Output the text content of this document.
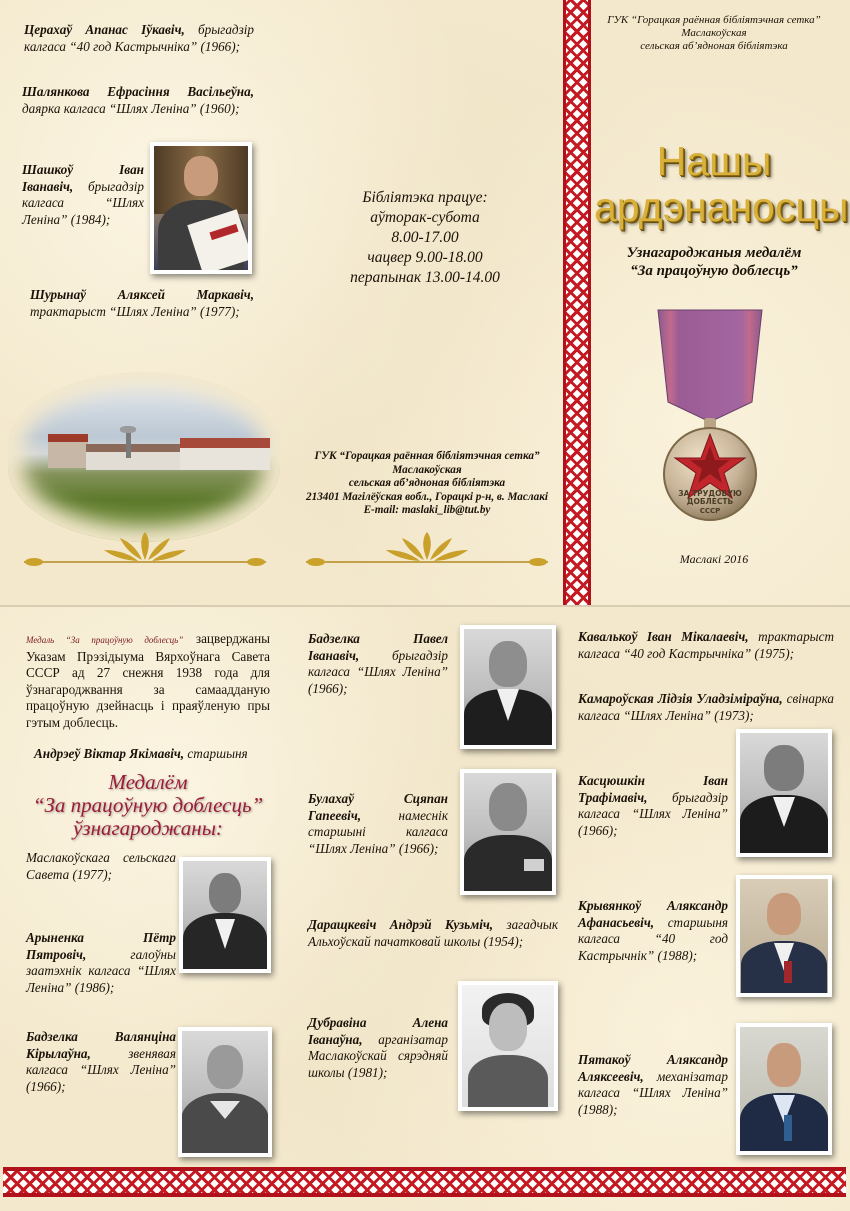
Церахаў Апанас Іўкавіч, брыгадзір калгаса “40 год Кастрычніка” (1966);
Шалянкова Ефрасіння Васільеўна, даярка калгаса “Шлях Леніна” (1960);
Шашкоў Іван Іванавіч, брыгадзір калгаса “Шлях Леніна” (1984);
Шурынаў Аляксей Маркавіч, трактарыст “Шлях Леніна” (1977);
Бібліятэка працуе:
аўторак-субота
8.00-17.00
чацвер 9.00-18.00
перапынак 13.00-14.00
ГУК “Горацкая раённая бібліятэчная сетка”
Маслакоўская
сельская аб’ядноная бібліятэка
213401 Магілёўская вобл., Горацкі р-н, в. Маслакі
E-mail: maslaki_lib@tut.by
ГУК “Горацкая раённая бібліятэчная сетка”
Маслакоўская
сельская аб’ядноная бібліятэка
Нашы
ардэнаносцы
Узнагароджаныя медалём
“За працоўную доблесць”
ЗА ТРУДОВУЮ
ДОБЛЕСТЬ
СССР
Маслакі 2016
Медаль “За працоўную доблесць” зацверджаны Указам Прэзідыума Вярхоўнага Савета СССР ад 27 снежня 1938 года для ўзнагароджвання за самаадданую працоўную дзейнасць і праяўленую пры гэтым доблесць.
Андрэеў Віктар Якімавіч, старшыня
Медалём
“За працоўную доблесць”
ўзнагароджаны:
Маслакоўскага сельскага Савета (1977);
Арыненка Пётр Пятровіч, галоўны заатэхнік калгаса “Шлях Леніна” (1986);
Бадзелка Валянціна Кірылаўна, звенявая калгаса “Шлях Леніна” (1966);
Бадзелка Павел Іванавіч, брыгадзір калгаса “Шлях Леніна” (1966);
Булахаў Сцяпан Гапеевіч, намеснік старшыні калгаса “Шлях Леніна” (1966);
Даращкевіч Андрэй Кузьміч, загадчык Альхоўскай пачатковай школы (1954);
Дубравіна Алена Іванаўна, арганізатар Маслакоўскай сярэдняй школы (1981);
Кавалькоў Іван Мікалаевіч, трактарыст калгаса “40 год Кастрычніка” (1975);
Камароўская Лідзія Уладзіміраўна, свінарка калгаса “Шлях Леніна” (1973);
Касцюшкін Іван Трафімавіч, брыгадзір калгаса “Шлях Леніна” (1966);
Крывянкоў Аляксандр Афанасьевіч, старшыня калгаса “40 год Кастрычнік” (1988);
Пятакоў Аляксандр Аляксеевіч, механізатар калгаса “Шлях Леніна” (1988);
